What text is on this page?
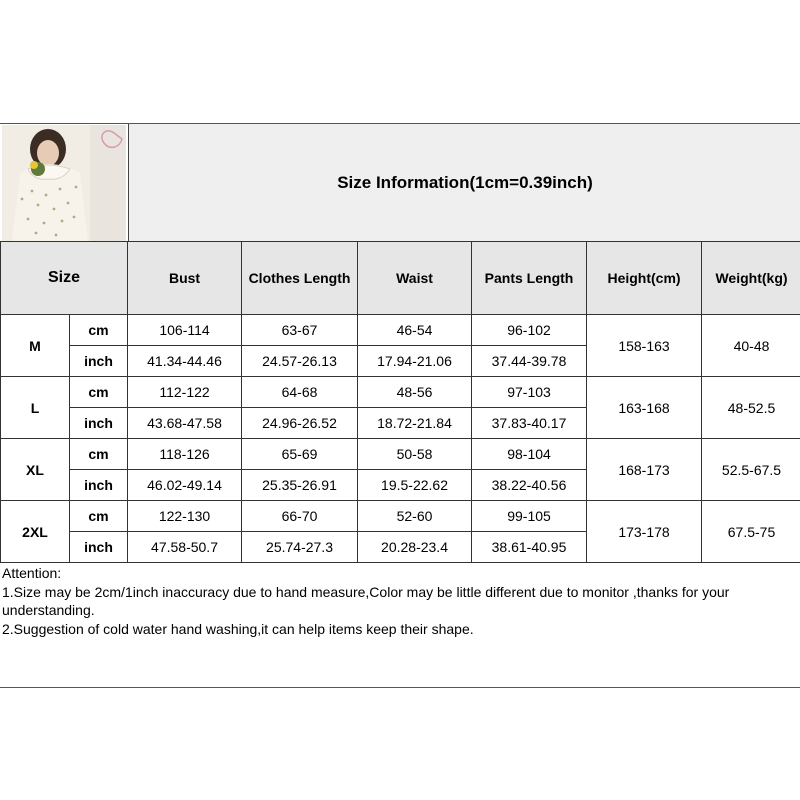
Size Information(1cm=0.39inch)
Size		Bust	Clothes Length	Waist	Pants Length	Height(cm)	Weight(kg)
M	cm	106-114	63-67	46-54	96-102	158-163	40-48
	inch	41.34-44.46	24.57-26.13	17.94-21.06	37.44-39.78		
L	cm	112-122	64-68	48-56	97-103	163-168	48-52.5
	inch	43.68-47.58	24.96-26.52	18.72-21.84	37.83-40.17		
XL	cm	118-126	65-69	50-58	98-104	168-173	52.5-67.5
	inch	46.02-49.14	25.35-26.91	19.5-22.62	38.22-40.56		
2XL	cm	122-130	66-70	52-60	99-105	173-178	67.5-75
	inch	47.58-50.7	25.74-27.3	20.28-23.4	38.61-40.95		
Attention:
1.Size may be 2cm/1inch inaccuracy due to hand measure,Color may be little different due to monitor ,thanks for your understanding.
2.Suggestion of cold water hand washing,it can help items keep their shape.
